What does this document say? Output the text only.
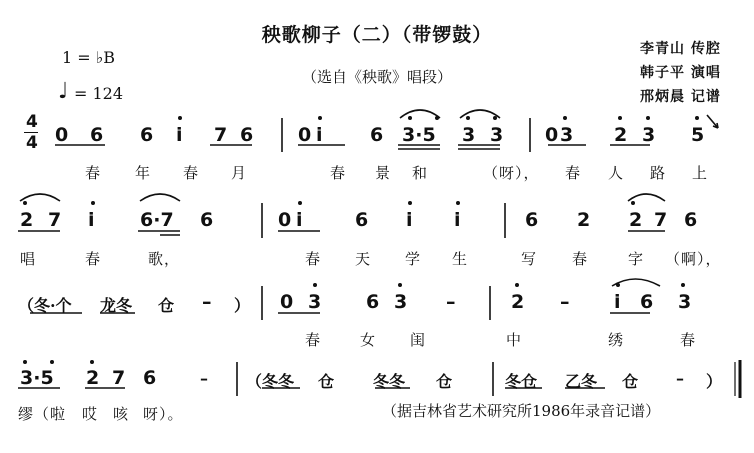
秧歌柳子（二）（带锣鼓）
（选自《秧歌》唱段）
1 = ♭B
♩ = 124
李青山 传腔
韩子平 演唱
邢炳晨 记谱
4
4 0 6 6 i 7 6 0 i 6 3·5 3 3 0 3 2 3 5
春 年 春 月	春 景 和	（呀）， 春 人 路 上
2 7 i 6·7 6	0 i	6 i i	6 2 2 7 6
唱	春	歌，	春 天 学 生	写 春	字 （啊），
（冬·个 龙冬 仓 – ） 0 3 6 3 –	2 – i 6 3
春	女 闺	中	绣	春
3·5 2 7 6	– （冬冬 仓 冬冬 仓	冬仓 乙冬 仓 – ）
缪（啦 哎 咳 呀）。	（据吉林省艺术研究所1986年录音记谱）
